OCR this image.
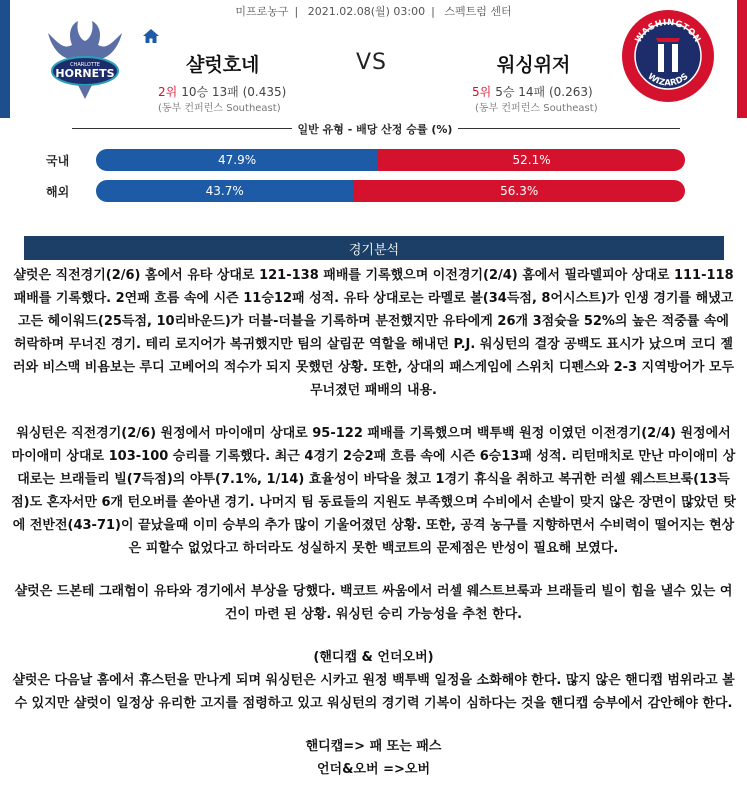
미프로농구 | 2021.02.08(월) 03:00 | 스펙트럼 센터
CHARLOTTE
HORNETS	샬럿호네	VS	워싱위저
2위 10승 13패 (0.435)
(동부 컨퍼런스 Southeast)
5위 5승 14패 (0.263)
(동부 컨퍼런스 Southeast)
WASHINGTON
WIZARDS
일반 유형 - 배당 산정 승률 (%)
국내	47.9%	52.1%
해외	43.7%	56.3%
경기분석

샬럿은 직전경기(2/6) 홈에서 유타 상대로 121-138 패배를 기록했으며 이전경기(2/4) 홈에서 필라델피아 상대로 111-118 패배를 기록했다. 2연패 흐름 속에 시즌 11승12패 성적. 유타 상대로는 라멜로 볼(34득점, 8어시스트)가 인생 경기를 해냈고 고든 헤이워드(25득점, 10리바운드)가 더블-더블을 기록하며 분전했지만 유타에게 26개 3점슛을 52%의 높은 적중률 속에 허락하며 무너진 경기. 테리 로지어가 복귀했지만 팀의 살림꾼 역할을 해내던 P.J. 워싱턴의 결장 공백도 표시가 났으며 코디 젤러와 비스맥 비욤보는 루디 고베어의 적수가 되지 못했던 상황. 또한, 상대의 패스게임에 스위치 디펜스와 2-3 지역방어가 모두 무너졌던 패배의 내용.

워싱턴은 직전경기(2/6) 원정에서 마이애미 상대로 95-122 패배를 기록했으며 백투백 원정 이였던 이전경기(2/4) 원정에서 마이애미 상대로 103-100 승리를 기록했다. 최근 4경기 2승2패 흐름 속에 시즌 6승13패 성적. 리턴매치로 만난 마이애미 상대로는 브래들리 빌(7득점)의 야투(7.1%, 1/14) 효율성이 바닥을 쳤고 1경기 휴식을 취하고 복귀한 러셀 웨스트브룩(13득점)도 혼자서만 6개 턴오버를 쏟아낸 경기. 나머지 팀 동료들의 지원도 부족했으며 수비에서 손발이 맞지 않은 장면이 많았던 탓에 전반전(43-71)이 끝났을때 이미 승부의 추가 많이 기울어졌던 상황. 또한, 공격 농구를 지향하면서 수비력이 떨어지는 현상은 피할수 없었다고 하더라도 성실하지 못한 백코트의 문제점은 반성이 필요해 보였다.

샬럿은 드본테 그래험이 유타와 경기에서 부상을 당했다. 백코트 싸움에서 러셀 웨스트브룩과 브래들리 빌이 힘을 낼수 있는 여건이 마련 된 상황. 워싱턴 승리 가능성을 추천 한다.

(핸디캡 & 언더오버)

샬럿은 다음날 홈에서 휴스턴을 만나게 되며 워싱턴은 시카고 원정 백투백 일정을 소화해야 한다. 많지 않은 핸디캡 범위라고 볼수 있지만 샬럿이 일정상 유리한 고지를 점령하고 있고 워싱턴의 경기력 기복이 심하다는 것을 핸디캡 승부에서 감안해야 한다.

핸디캡=> 패 또는 패스

언더&오버 =>오버
